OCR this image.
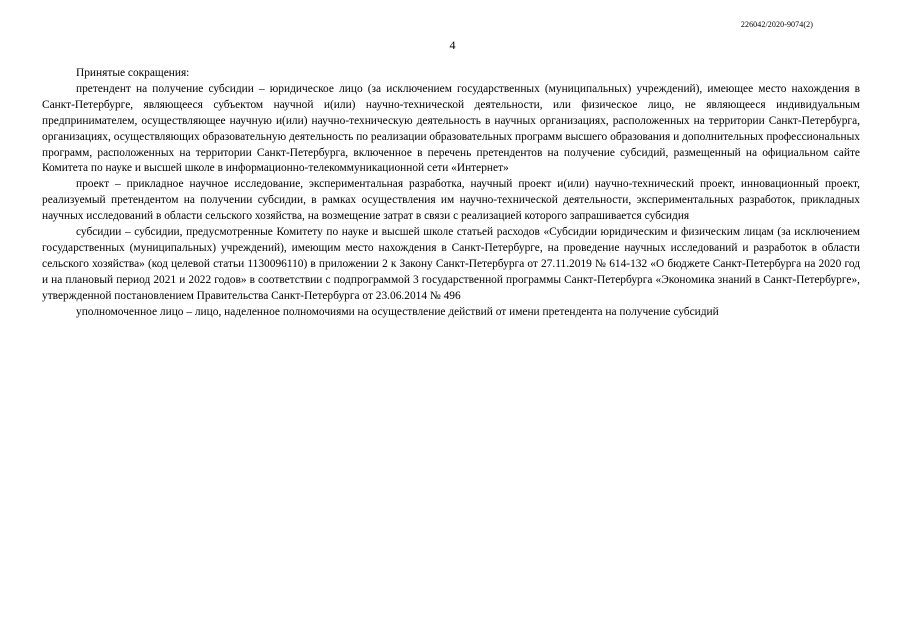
226042/2020-9074(2)
4

Принятые сокращения:

претендент на получение субсидии – юридическое лицо (за исключением государственных (муниципальных) учреждений), имеющее место нахождения в Санкт-Петербурге, являющееся субъектом научной и(или) научно-технической деятельности, или физическое лицо, не являющееся индивидуальным предпринимателем, осуществляющее научную и(или) научно-техническую деятельность в научных организациях, расположенных на территории Санкт-Петербурга, организациях, осуществляющих образовательную деятельность по реализации образовательных программ высшего образования и дополнительных профессиональных программ, расположенных на территории Санкт-Петербурга, включенное в перечень претендентов на получение субсидий, размещенный на официальном сайте Комитета по науке и высшей школе в информационно-телекоммуникационной сети «Интернет»

проект – прикладное научное исследование, экспериментальная разработка, научный проект и(или) научно-технический проект, инновационный проект, реализуемый претендентом на получении субсидии, в рамках осуществления им научно-технической деятельности, экспериментальных разработок, прикладных научных исследований в области сельского хозяйства, на возмещение затрат в связи с реализацией которого запрашивается субсидия

субсидии – субсидии, предусмотренные Комитету по науке и высшей школе статьей расходов «Субсидии юридическим и физическим лицам (за исключением государственных (муниципальных) учреждений), имеющим место нахождения в Санкт-Петербурге, на проведение научных исследований и разработок в области сельского хозяйства» (код целевой статьи 1130096110) в приложении 2 к Закону Санкт-Петербурга от 27.11.2019 № 614-132 «О бюджете Санкт-Петербурга на 2020 год и на плановый период 2021 и 2022 годов» в соответствии с подпрограммой 3 государственной программы Санкт-Петербурга «Экономика знаний в Санкт-Петербурге», утвержденной постановлением Правительства Санкт-Петербурга от 23.06.2014 № 496

уполномоченное лицо – лицо, наделенное полномочиями на осуществление действий от имени претендента на получение субсидий
